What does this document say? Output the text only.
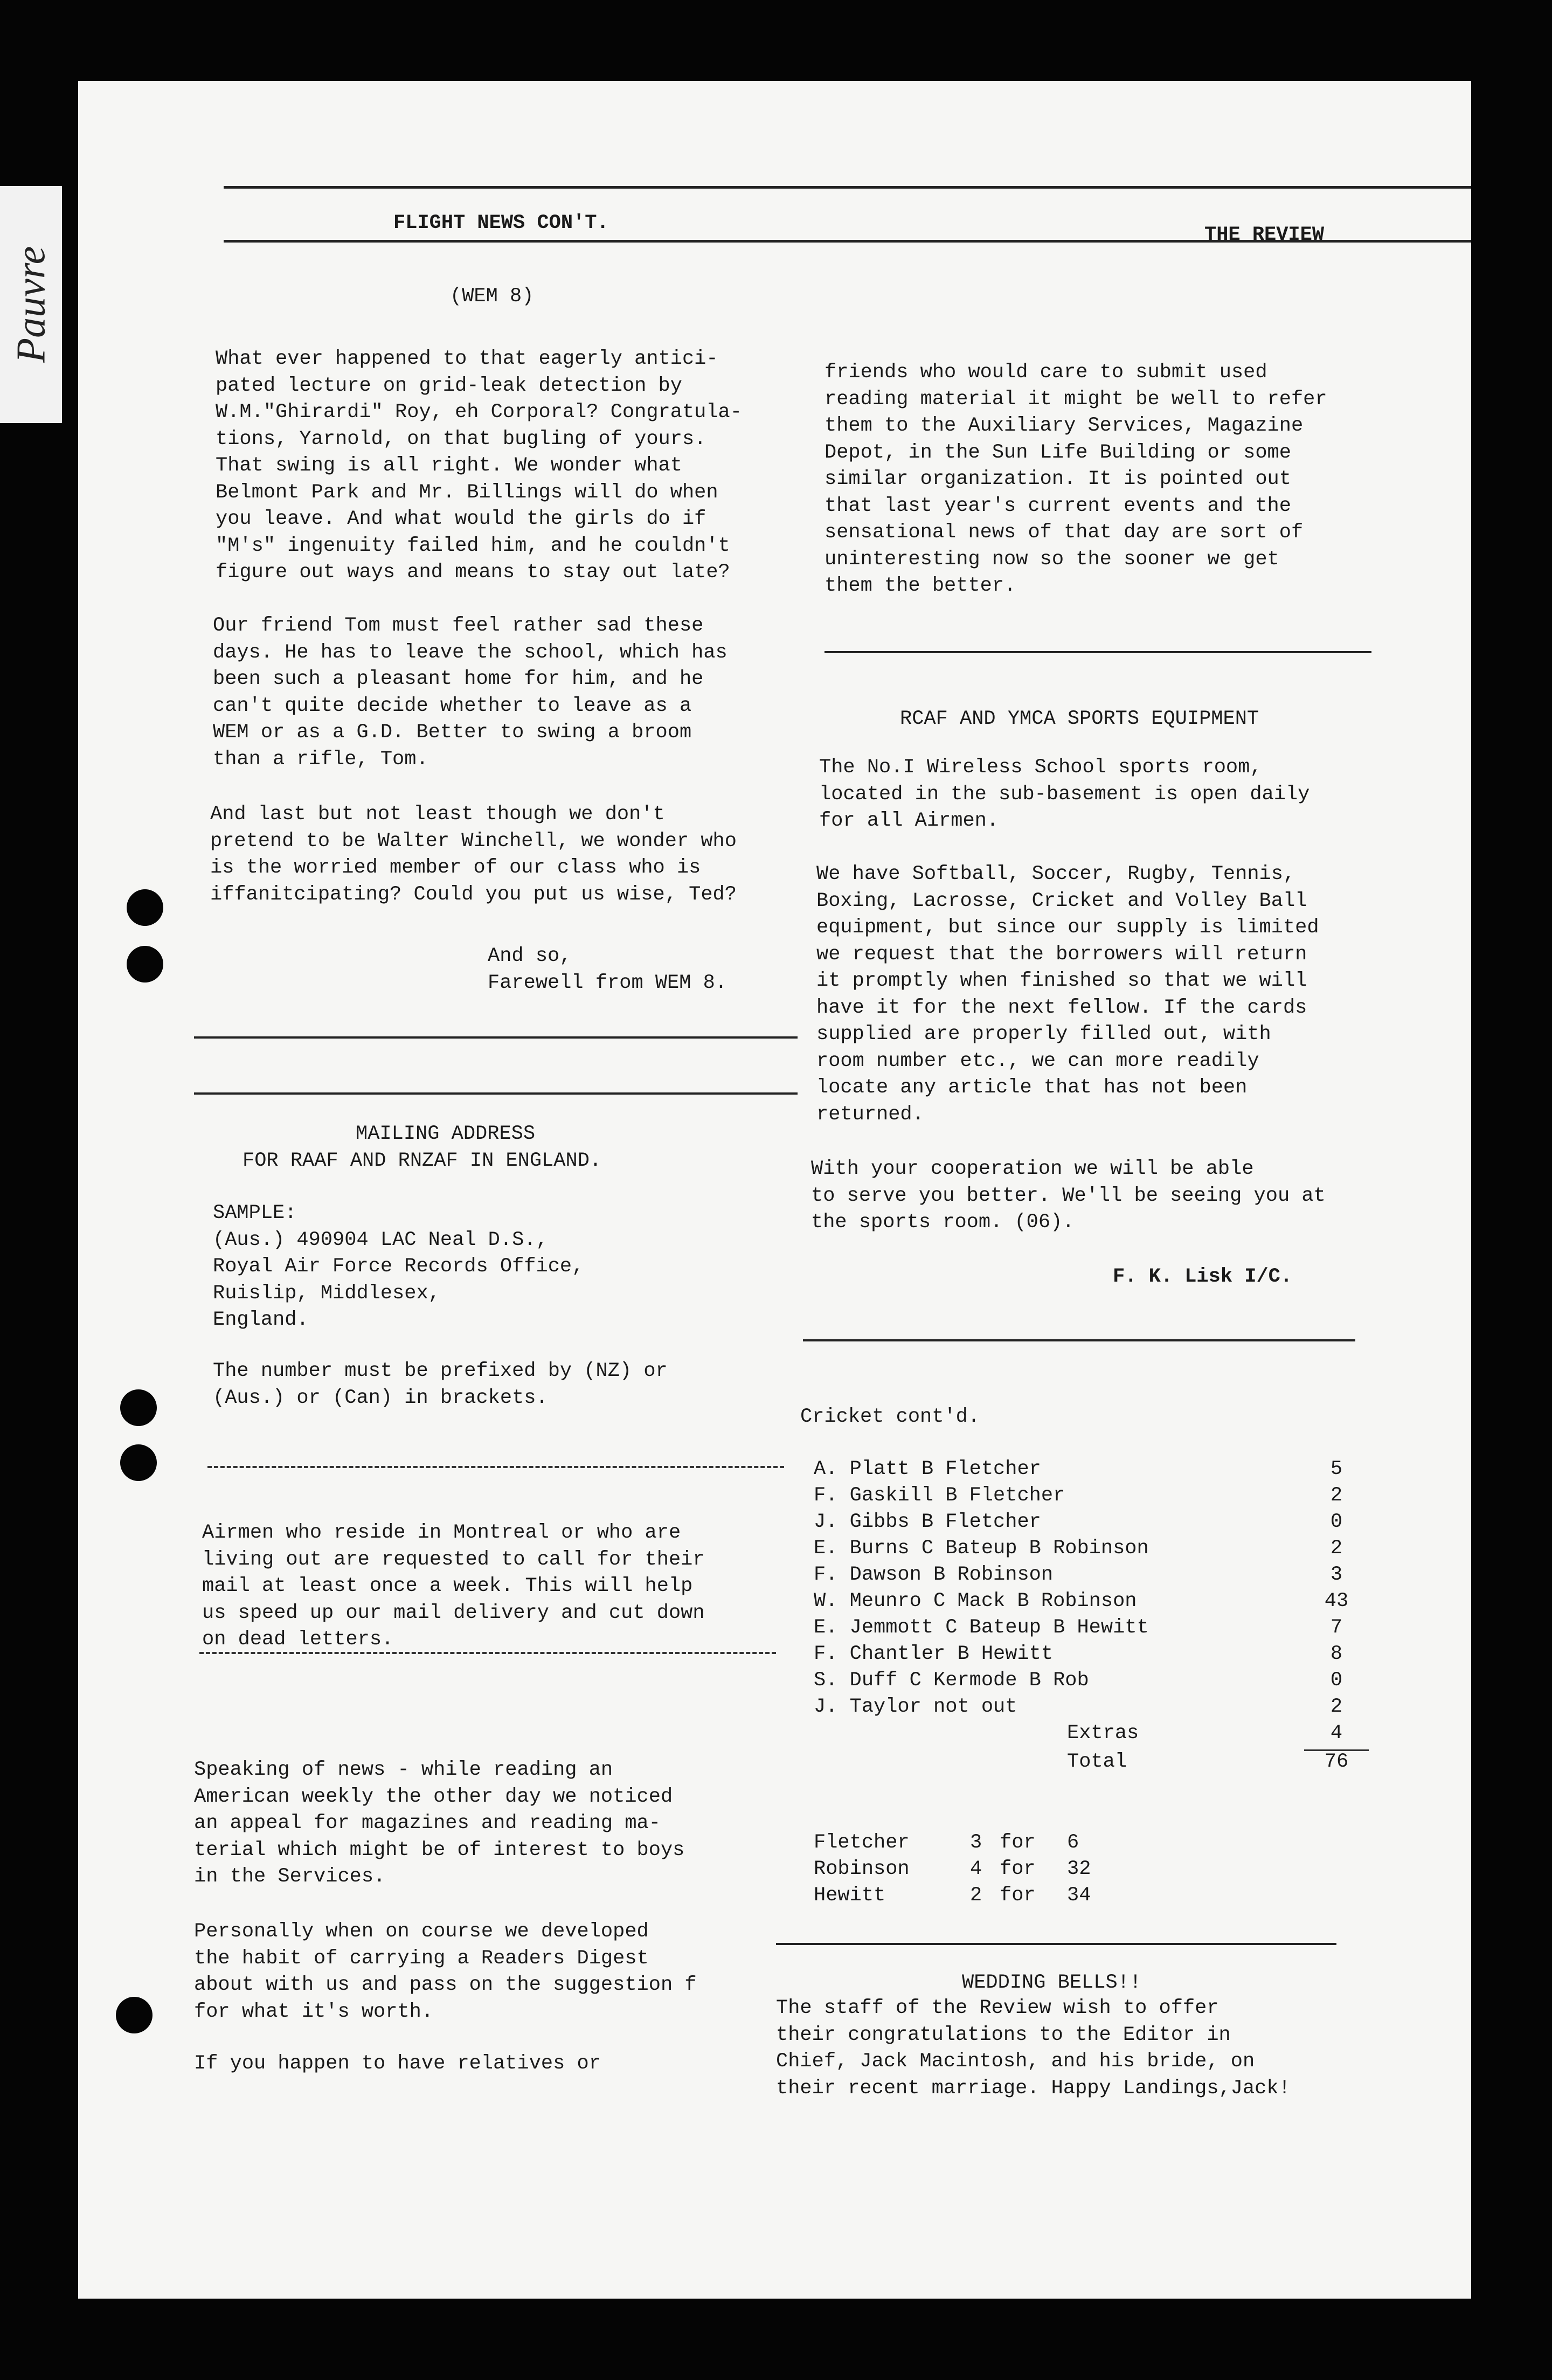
Pauvre

FLIGHT NEWS CON'T.

THE REVIEW

(WEM 8)

What ever happened to that eagerly antici-
pated lecture on grid-leak detection by
W.M."Ghirardi" Roy, eh Corporal? Congratula-
tions, Yarnold, on that bugling of yours.
That swing is all right. We wonder what
Belmont Park and Mr. Billings will do when
you leave. And what would the girls do if
"M's" ingenuity failed him, and he couldn't
figure out ways and means to stay out late?
Our friend Tom must feel rather sad these
days. He has to leave the school, which has
been such a pleasant home for him, and he
can't quite decide whether to leave as a
WEM or as a G.D. Better to swing a broom
than a rifle, Tom.
And last but not least though we don't
pretend to be Walter Winchell, we wonder who
is the worried member of our class who is
iffanitcipating? Could you put us wise, Ted?
And so,
Farewell from WEM 8.

MAILING ADDRESS

FOR RAAF AND RNZAF IN ENGLAND.

SAMPLE:
(Aus.) 490904 LAC Neal D.S.,
Royal Air Force Records Office,
Ruislip, Middlesex,
England.
The number must be prefixed by (NZ) or
(Aus.) or (Can) in brackets.
Airmen who reside in Montreal or who are
living out are requested to call for their
mail at least once a week. This will help
us speed up our mail delivery and cut down
on dead letters.
Speaking of news - while reading an
American weekly the other day we noticed
an appeal for magazines and reading ma-
terial which might be of interest to boys
in the Services.
Personally when on course we developed
the habit of carrying a Readers Digest
about with us and pass on the suggestion f
for what it's worth.
If you happen to have relatives or
friends who would care to submit used
reading material it might be well to refer
them to the Auxiliary Services, Magazine
Depot, in the Sun Life Building or some
similar organization. It is pointed out
that last year's current events and the
sensational news of that day are sort of
uninteresting now so the sooner we get
them the better.

RCAF AND YMCA SPORTS EQUIPMENT

The No.I Wireless School sports room,
located in the sub-basement is open daily
for all Airmen.
We have Softball, Soccer, Rugby, Tennis,
Boxing, Lacrosse, Cricket and Volley Ball
equipment, but since our supply is limited
we request that the borrowers will return
it promptly when finished so that we will
have it for the next fellow. If the cards
supplied are properly filled out, with
room number etc., we can more readily
locate any article that has not been
returned.
With your cooperation we will be able
to serve you better. We'll be seeing you at
the sports room. (06).

F. K. Lisk I/C.

Cricket cont'd.

A. Platt B Fletcher	5
F. Gaskill B Fletcher	2
J. Gibbs B Fletcher	0
E. Burns C Bateup B Robinson	2
F. Dawson B Robinson	3
W. Meunro C Mack B Robinson	43
E. Jemmott C Bateup B Hewitt	7
F. Chantler B Hewitt	8
S. Duff C Kermode B Rob	0
J. Taylor not out	2
Extras	4
Total	76
Fletcher	3 for 6
Robinson	4 for 32
Hewitt	2 for 34

WEDDING BELLS!!

The staff of the Review wish to offer
their congratulations to the Editor in
Chief, Jack Macintosh, and his bride, on
their recent marriage. Happy Landings,Jack!
